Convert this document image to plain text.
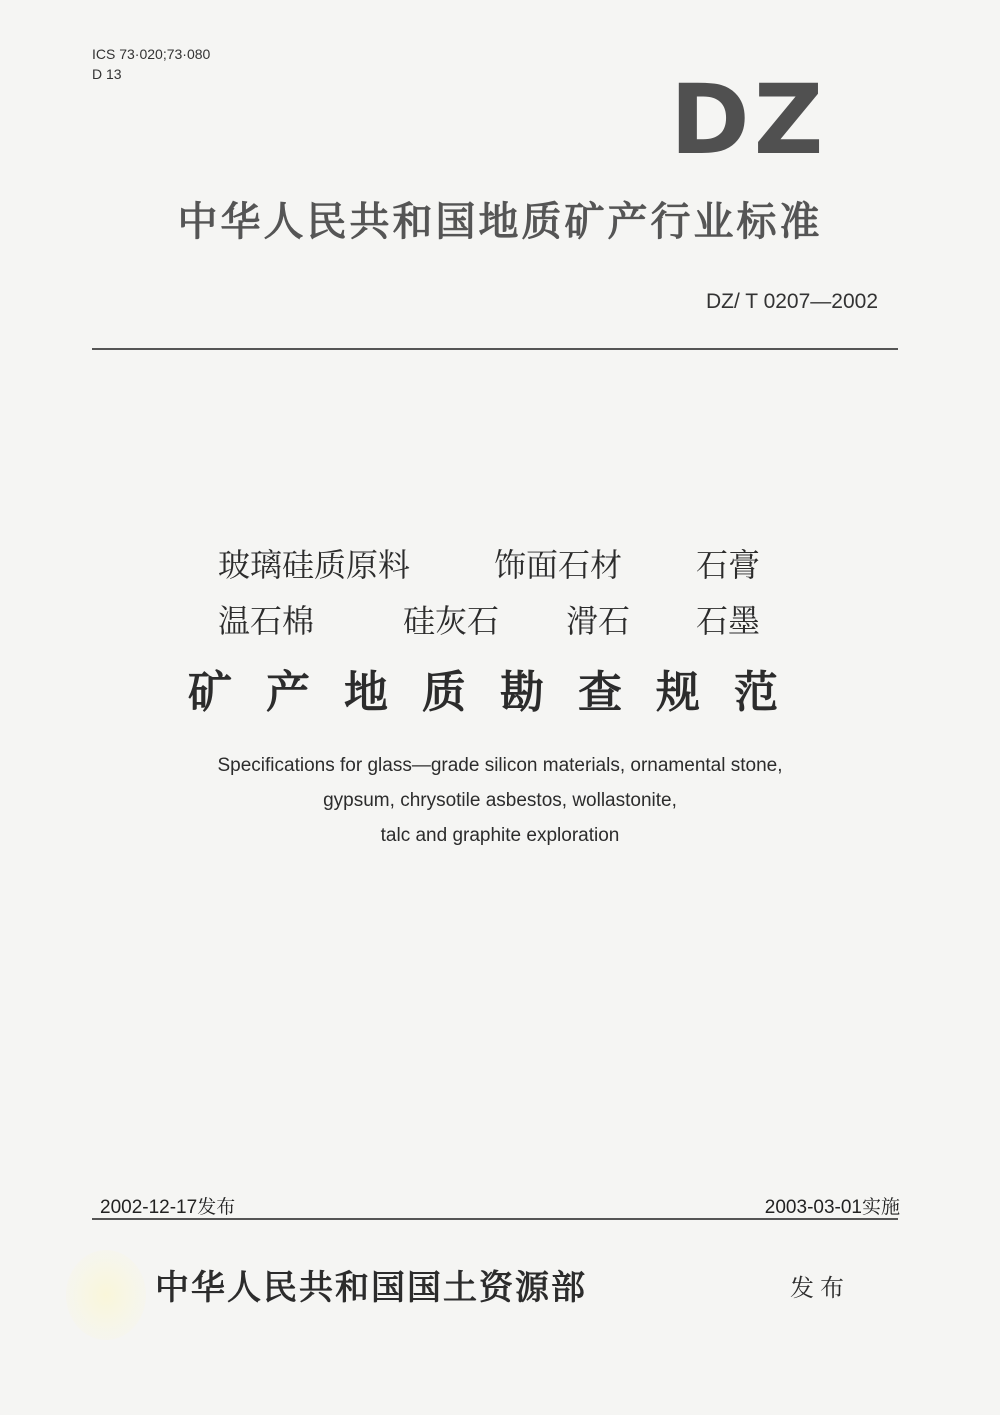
ICS 73·020;73·080
D 13	DZ
中华人民共和国地质矿产行业标准
DZ/ T 0207—2002
玻璃硅质原料	饰面石材 石膏
温石棉	硅灰石 滑石 石墨
矿产地质勘查规范
Specifications for glass—grade silicon materials, ornamental stone,
gypsum, chrysotile asbestos, wollastonite,
talc and graphite exploration
2002-12-17发布	2003-03-01实施
中华人民共和国国土资源部	发布
